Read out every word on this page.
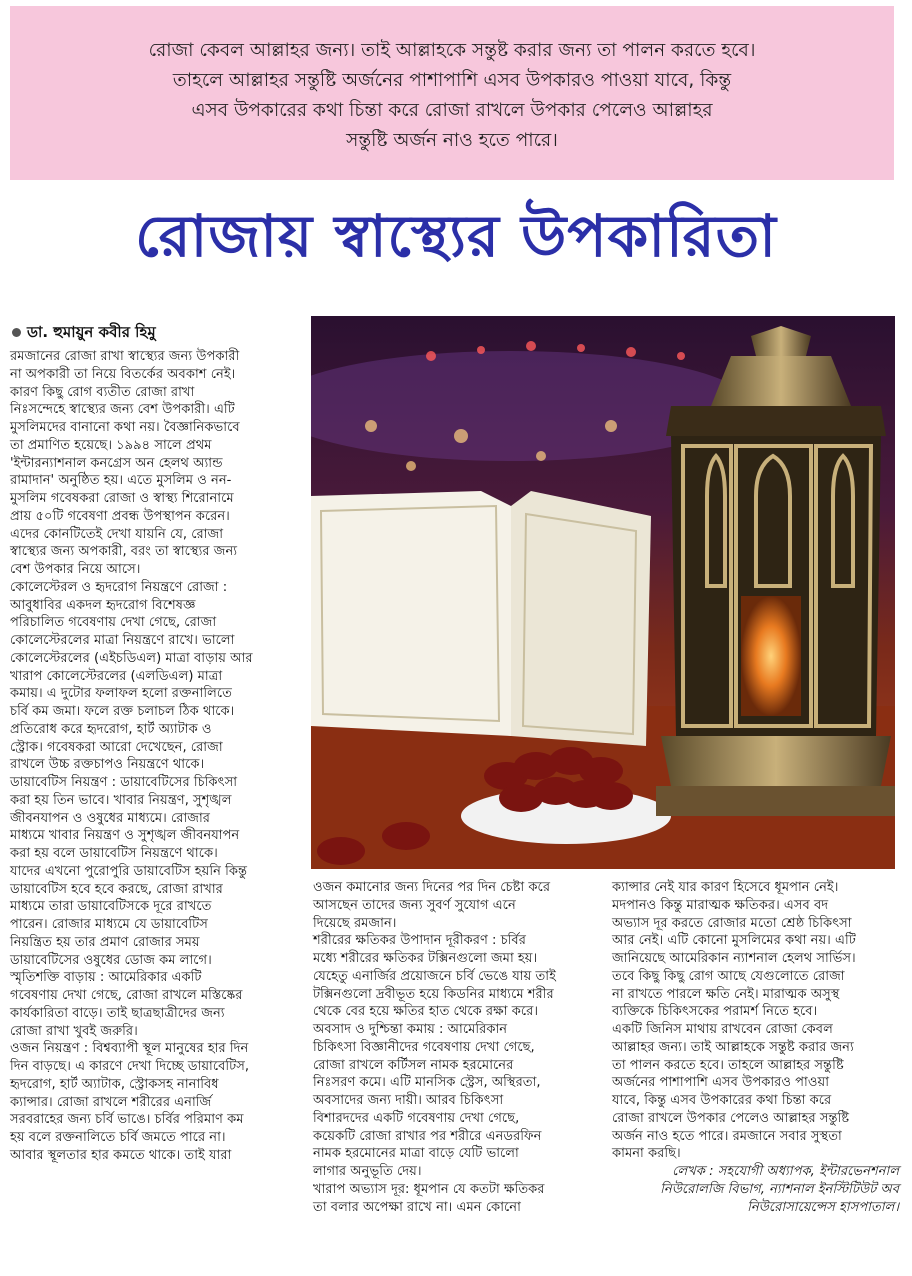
রোজা কেবল আল্লাহর জন্য। তাই আল্লাহকে সন্তুষ্ট করার জন্য তা পালন করতে হবে।

তাহলে আল্লাহর সন্তুষ্টি অর্জনের পাশাপাশি এসব উপকারও পাওয়া যাবে, কিন্তু

এসব উপকারের কথা চিন্তা করে রোজা রাখলে উপকার পেলেও আল্লাহর

সন্তুষ্টি অর্জন নাও হতে পারে।

রোজায় স্বাস্থ্যের উপকারিতা
ডা. হুমায়ুন কবীর হিমু

রমজানের রোজা রাখা স্বাস্থ্যের জন্য উপকারী

না অপকারী তা নিয়ে বিতর্কের অবকাশ নেই।

কারণ কিছু রোগ ব্যতীত রোজা রাখা

নিঃসন্দেহে স্বাস্থ্যের জন্য বেশ উপকারী। এটি

মুসলিমদের বানানো কথা নয়। বৈজ্ঞানিকভাবে

তা প্রমাণিত হয়েছে। ১৯৯৪ সালে প্রথম

'ইন্টারন্যাশনাল কনগ্রেস অন হেলথ অ্যান্ড

রামাদান' অনুষ্ঠিত হয়। এতে মুসলিম ও নন-

মুসলিম গবেষকরা রোজা ও স্বাস্থ্য শিরোনামে

প্রায় ৫০টি গবেষণা প্রবন্ধ উপস্থাপন করেন।

এদের কোনটিতেই দেখা যায়নি যে, রোজা

স্বাস্থ্যের জন্য অপকারী, বরং তা স্বাস্থ্যের জন্য

বেশ উপকার নিয়ে আসে।

কোলেস্টেরল ও হৃদরোগ নিয়ন্ত্রণে রোজা :

আবুধাবির একদল হৃদরোগ বিশেষজ্ঞ

পরিচালিত গবেষণায় দেখা গেছে, রোজা

কোলেস্টেরলের মাত্রা নিয়ন্ত্রণে রাখে। ভালো

কোলেস্টেরলের (এইচডিএল) মাত্রা বাড়ায় আর

খারাপ কোলেস্টেরলের (এলডিএল) মাত্রা

কমায়। এ দুটোর ফলাফল হলো রক্তনালিতে

চর্বি কম জমা। ফলে রক্ত চলাচল ঠিক থাকে।

প্রতিরোধ করে হৃদরোগ, হার্ট অ্যাটাক ও

স্ট্রোক। গবেষকরা আরো দেখেছেন, রোজা

রাখলে উচ্চ রক্তচাপও নিয়ন্ত্রণে থাকে।

ডায়াবেটিস নিয়ন্ত্রণ : ডায়াবেটিসের চিকিৎসা

করা হয় তিন ভাবে। খাবার নিয়ন্ত্রণ, সুশৃঙ্খল

জীবনযাপন ও ওষুধের মাধ্যমে। রোজার

মাধ্যমে খাবার নিয়ন্ত্রণ ও সুশৃঙ্খল জীবনযাপন

করা হয় বলে ডায়াবেটিস নিয়ন্ত্রণে থাকে।

যাদের এখনো পুরোপুরি ডায়াবেটিস হয়নি কিন্তু

ডায়াবেটিস হবে হবে করছে, রোজা রাখার

মাধ্যমে তারা ডায়াবেটিসকে দূরে রাখতে

পারেন। রোজার মাধ্যমে যে ডায়াবেটিস

নিয়ন্ত্রিত হয় তার প্রমাণ রোজার সময়

ডায়াবেটিসের ওষুধের ডোজ কম লাগে।

স্মৃতিশক্তি বাড়ায় : আমেরিকার একটি

গবেষণায় দেখা গেছে, রোজা রাখলে মস্তিষ্কের

কার্যকারিতা বাড়ে। তাই ছাত্রছাত্রীদের জন্য

রোজা রাখা খুবই জরুরি।

ওজন নিয়ন্ত্রণ : বিশ্বব্যাপী স্থূল মানুষের হার দিন

দিন বাড়ছে। এ কারণে দেখা দিচ্ছে ডায়াবেটিস,

হৃদরোগ, হার্ট অ্যাটাক, স্ট্রোকসহ নানাবিধ

ক্যান্সার। রোজা রাখলে শরীরের এনার্জি

সরবরাহের জন্য চর্বি ভাঙে। চর্বির পরিমাণ কম

হয় বলে রক্তনালিতে চর্বি জমতে পারে না।

আবার স্থূলতার হার কমতে থাকে। তাই যারা

ওজন কমানোর জন্য দিনের পর দিন চেষ্টা করে

আসছেন তাদের জন্য সুবর্ণ সুযোগ এনে

দিয়েছে রমজান।

শরীরের ক্ষতিকর উপাদান দূরীকরণ : চর্বির

মধ্যে শরীরের ক্ষতিকর টক্সিনগুলো জমা হয়।

যেহেতু এনার্জির প্রয়োজনে চর্বি ভেঙে যায় তাই

টক্সিনগুলো দ্রবীভূত হয়ে কিডনির মাধ্যমে শরীর

থেকে বের হয়ে ক্ষতির হাত থেকে রক্ষা করে।

অবসাদ ও দুশ্চিন্তা কমায় : আমেরিকান

চিকিৎসা বিজ্ঞানীদের গবেষণায় দেখা গেছে,

রোজা রাখলে কর্টিসল নামক হরমোনের

নিঃসরণ কমে। এটি মানসিক স্ট্রেস, অস্থিরতা,

অবসাদের জন্য দায়ী। আরব চিকিৎসা

বিশারদদের একটি গবেষণায় দেখা গেছে,

কয়েকটি রোজা রাখার পর শরীরে এনডরফিন

নামক হরমোনের মাত্রা বাড়ে যেটি ভালো

লাগার অনুভূতি দেয়।

খারাপ অভ্যাস দূর: ধূমপান যে কতটা ক্ষতিকর

তা বলার অপেক্ষা রাখে না। এমন কোনো

ক্যান্সার নেই যার কারণ হিসেবে ধূমপান নেই।

মদপানও কিন্তু মারাত্মক ক্ষতিকর। এসব বদ

অভ্যাস দূর করতে রোজার মতো শ্রেষ্ঠ চিকিৎসা

আর নেই। এটি কোনো মুসলিমের কথা নয়। এটি

জানিয়েছে আমেরিকান ন্যাশনাল হেলথ সার্ভিস।

তবে কিছু কিছু রোগ আছে যেগুলোতে রোজা

না রাখতে পারলে ক্ষতি নেই। মারাত্মক অসুস্থ

ব্যক্তিকে চিকিৎসকের পরামর্শ নিতে হবে।

একটি জিনিস মাথায় রাখবেন রোজা কেবল

আল্লাহর জন্য। তাই আল্লাহকে সন্তুষ্ট করার জন্য

তা পালন করতে হবে। তাহলে আল্লাহর সন্তুষ্টি

অর্জনের পাশাপাশি এসব উপকারও পাওয়া

যাবে, কিন্তু এসব উপকারের কথা চিন্তা করে

রোজা রাখলে উপকার পেলেও আল্লাহর সন্তুষ্টি

অর্জন নাও হতে পারে। রমজানে সবার সুস্থতা

কামনা করছি।

লেখক : সহযোগী অধ্যাপক, ইন্টারভেনশনাল

নিউরোলজি বিভাগ, ন্যাশনাল ইনস্টিটিউট অব

নিউরোসায়েন্সেস হাসপাতাল।
